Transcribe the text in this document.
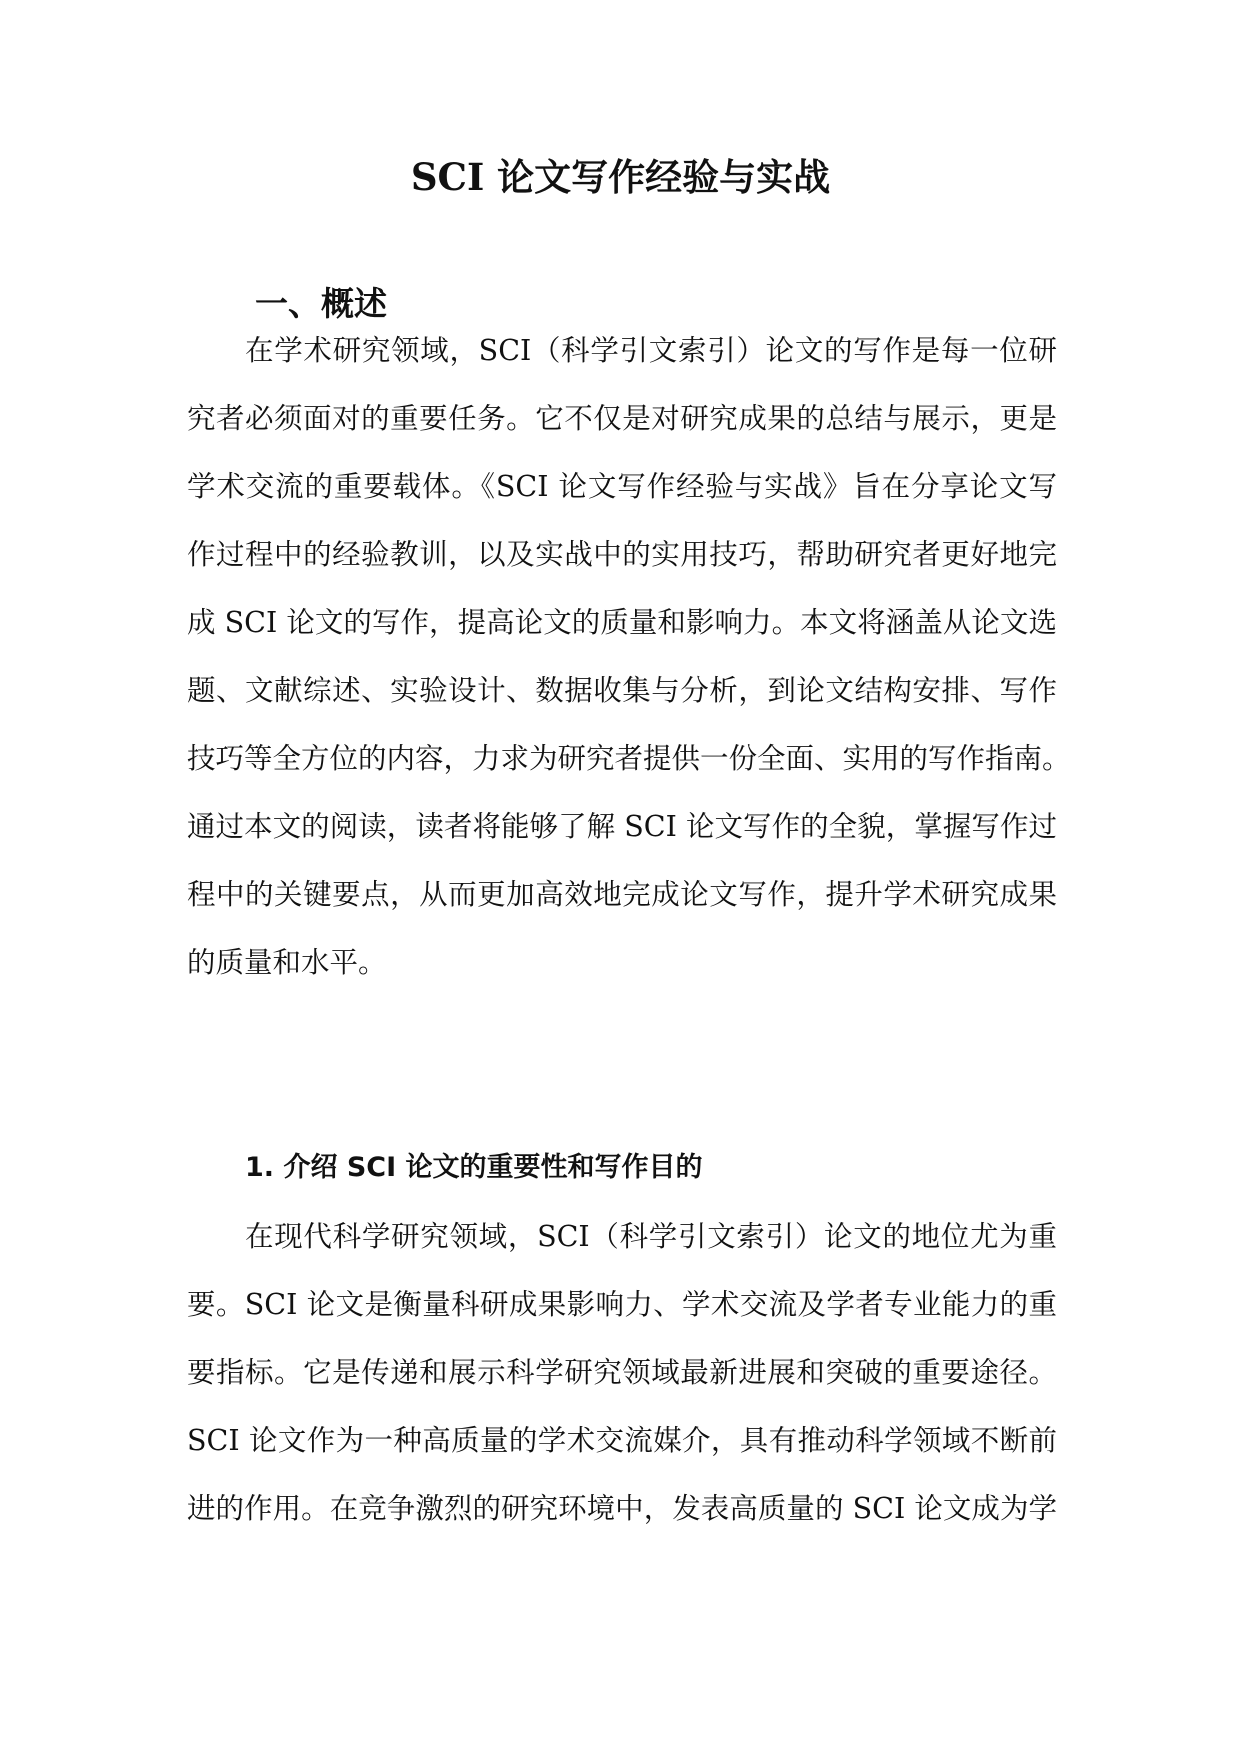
SCI 论文写作经验与实战
一、概述
在学术研究领域，SCI（科学引文索引）论文的写作是每一位研
究者必须面对的重要任务。它不仅是对研究成果的总结与展示，更是
学术交流的重要载体。《SCI 论文写作经验与实战》旨在分享论文写
作过程中的经验教训，以及实战中的实用技巧，帮助研究者更好地完
成 SCI 论文的写作，提高论文的质量和影响力。本文将涵盖从论文选
题、文献综述、实验设计、数据收集与分析，到论文结构安排、写作
技巧等全方位的内容，力求为研究者提供一份全面、实用的写作指南。
通过本文的阅读，读者将能够了解 SCI 论文写作的全貌，掌握写作过
程中的关键要点，从而更加高效地完成论文写作，提升学术研究成果
的质量和水平。
1. 介绍 SCI 论文的重要性和写作目的
在现代科学研究领域，SCI（科学引文索引）论文的地位尤为重
要。SCI 论文是衡量科研成果影响力、学术交流及学者专业能力的重
要指标。它是传递和展示科学研究领域最新进展和突破的重要途径。
SCI 论文作为一种高质量的学术交流媒介，具有推动科学领域不断前
进的作用。在竞争激烈的研究环境中，发表高质量的 SCI 论文成为学
